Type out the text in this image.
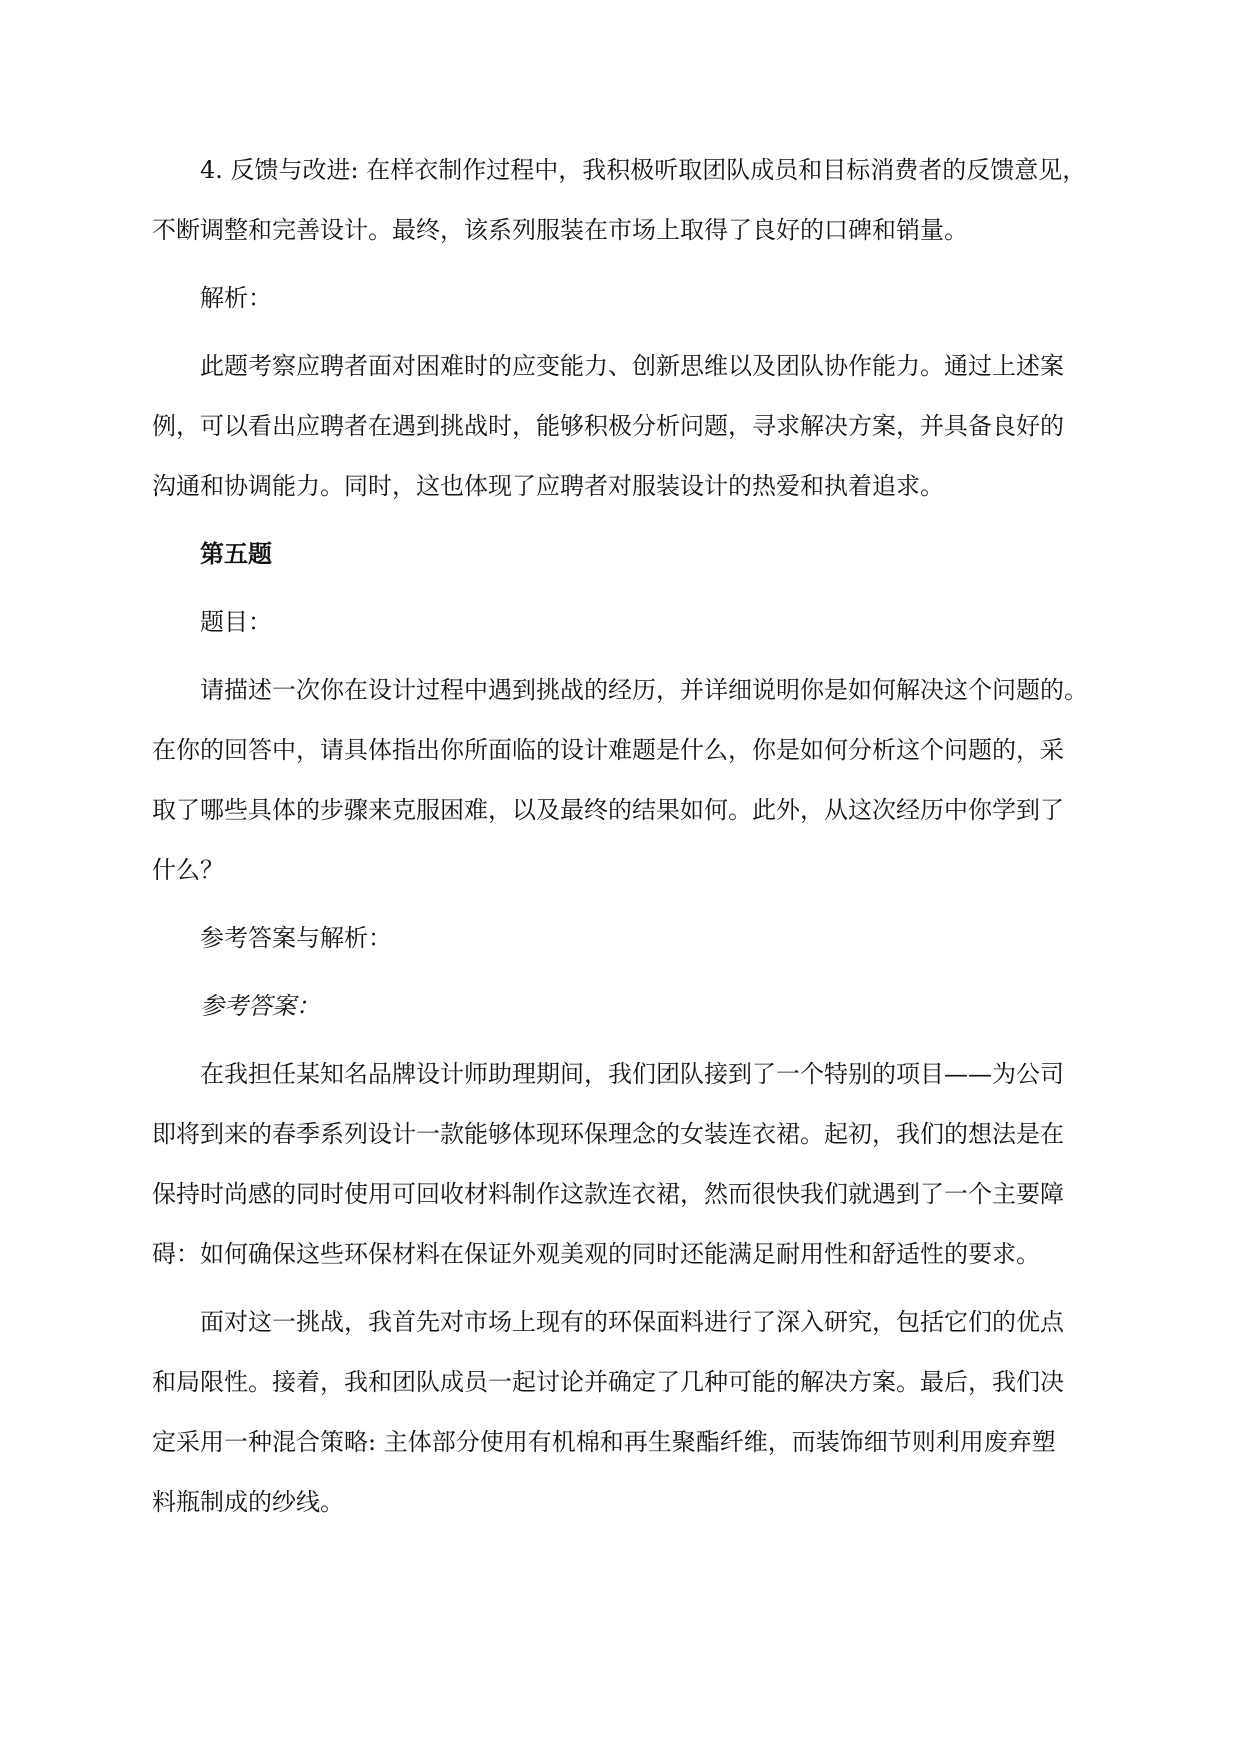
4. 反馈与改进: 在样衣制作过程中，我积极听取团队成员和目标消费者的反馈意见，
不断调整和完善设计。最终，该系列服装在市场上取得了良好的口碑和销量。
解析：
此题考察应聘者面对困难时的应变能力、创新思维以及团队协作能力。通过上述案
例，可以看出应聘者在遇到挑战时，能够积极分析问题，寻求解决方案，并具备良好的
沟通和协调能力。同时，这也体现了应聘者对服装设计的热爱和执着追求。
第五题
题目：
请描述一次你在设计过程中遇到挑战的经历，并详细说明你是如何解决这个问题的。
在你的回答中，请具体指出你所面临的设计难题是什么，你是如何分析这个问题的，采
取了哪些具体的步骤来克服困难，以及最终的结果如何。此外，从这次经历中你学到了
什么？
参考答案与解析：
参考答案：
在我担任某知名品牌设计师助理期间，我们团队接到了一个特别的项目——为公司
即将到来的春季系列设计一款能够体现环保理念的女装连衣裙。起初，我们的想法是在
保持时尚感的同时使用可回收材料制作这款连衣裙，然而很快我们就遇到了一个主要障
碍：如何确保这些环保材料在保证外观美观的同时还能满足耐用性和舒适性的要求。
面对这一挑战，我首先对市场上现有的环保面料进行了深入研究，包括它们的优点
和局限性。接着，我和团队成员一起讨论并确定了几种可能的解决方案。最后，我们决
定采用一种混合策略: 主体部分使用有机棉和再生聚酯纤维，而装饰细节则利用废弃塑
料瓶制成的纱线。
